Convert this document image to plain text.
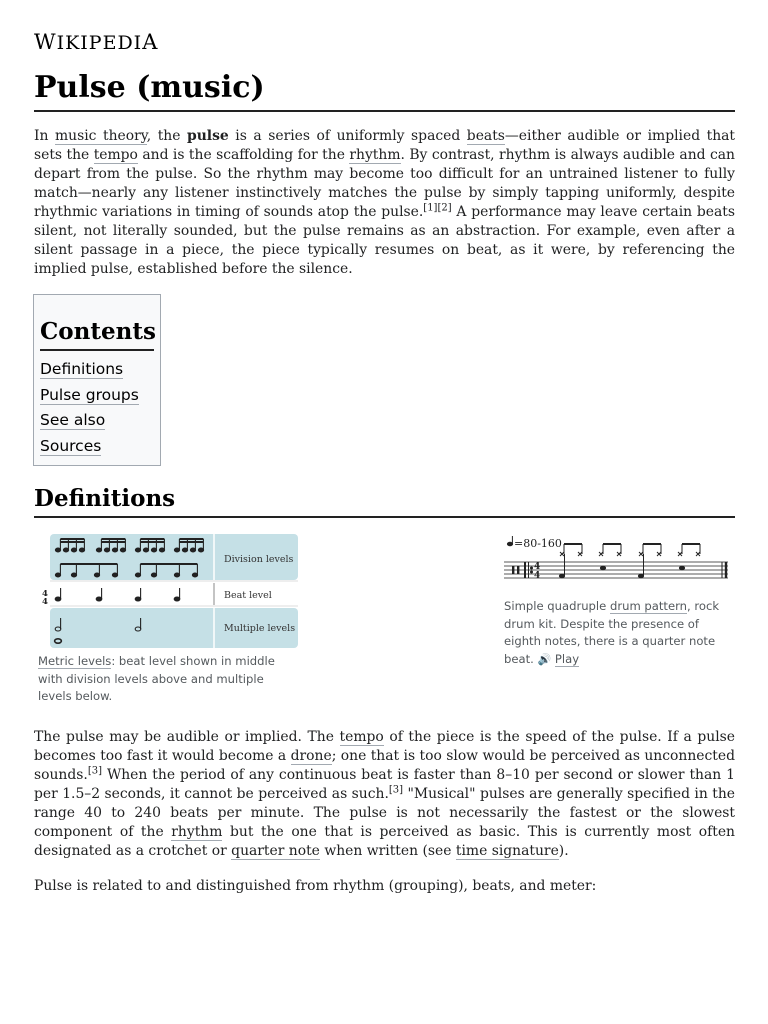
WIKIPEDIA
Pulse (music)

In music theory, the pulse is a series of uniformly spaced beats—either audible or implied that sets the tempo and is the scaffolding for the rhythm. By contrast, rhythm is always audible and can depart from the pulse. So the rhythm may become too difficult for an untrained listener to fully match—nearly any listener instinctively matches the pulse by simply tapping uniformly, despite rhythmic variations in timing of sounds atop the pulse.[1][2] A performance may leave certain beats silent, not literally sounded, but the pulse remains as an abstraction. For example, even after a silent passage in a piece, the piece typically resumes on beat, as it were, by referencing the implied pulse, established before the silence.

Contents
Definitions
Pulse groups
See also
Sources
Definitions
4
4
Division levels
Beat level
Multiple levels

Metric levels: beat level shown in middle with division levels above and multiple levels below.

=80-160
4
4

Simple quadruple drum pattern, rock drum kit. Despite the presence of eighth notes, there is a quarter note beat. 🔊 Play

The pulse may be audible or implied. The tempo of the piece is the speed of the pulse. If a pulse becomes too fast it would become a drone; one that is too slow would be perceived as unconnected sounds.[3] When the period of any continuous beat is faster than 8–10 per second or slower than 1 per 1.5–2 seconds, it cannot be perceived as such.[3] "Musical" pulses are generally specified in the range 40 to 240 beats per minute. The pulse is not necessarily the fastest or the slowest component of the rhythm but the one that is perceived as basic. This is currently most often designated as a crotchet or quarter note when written (see time signature).

Pulse is related to and distinguished from rhythm (grouping), beats, and meter:
